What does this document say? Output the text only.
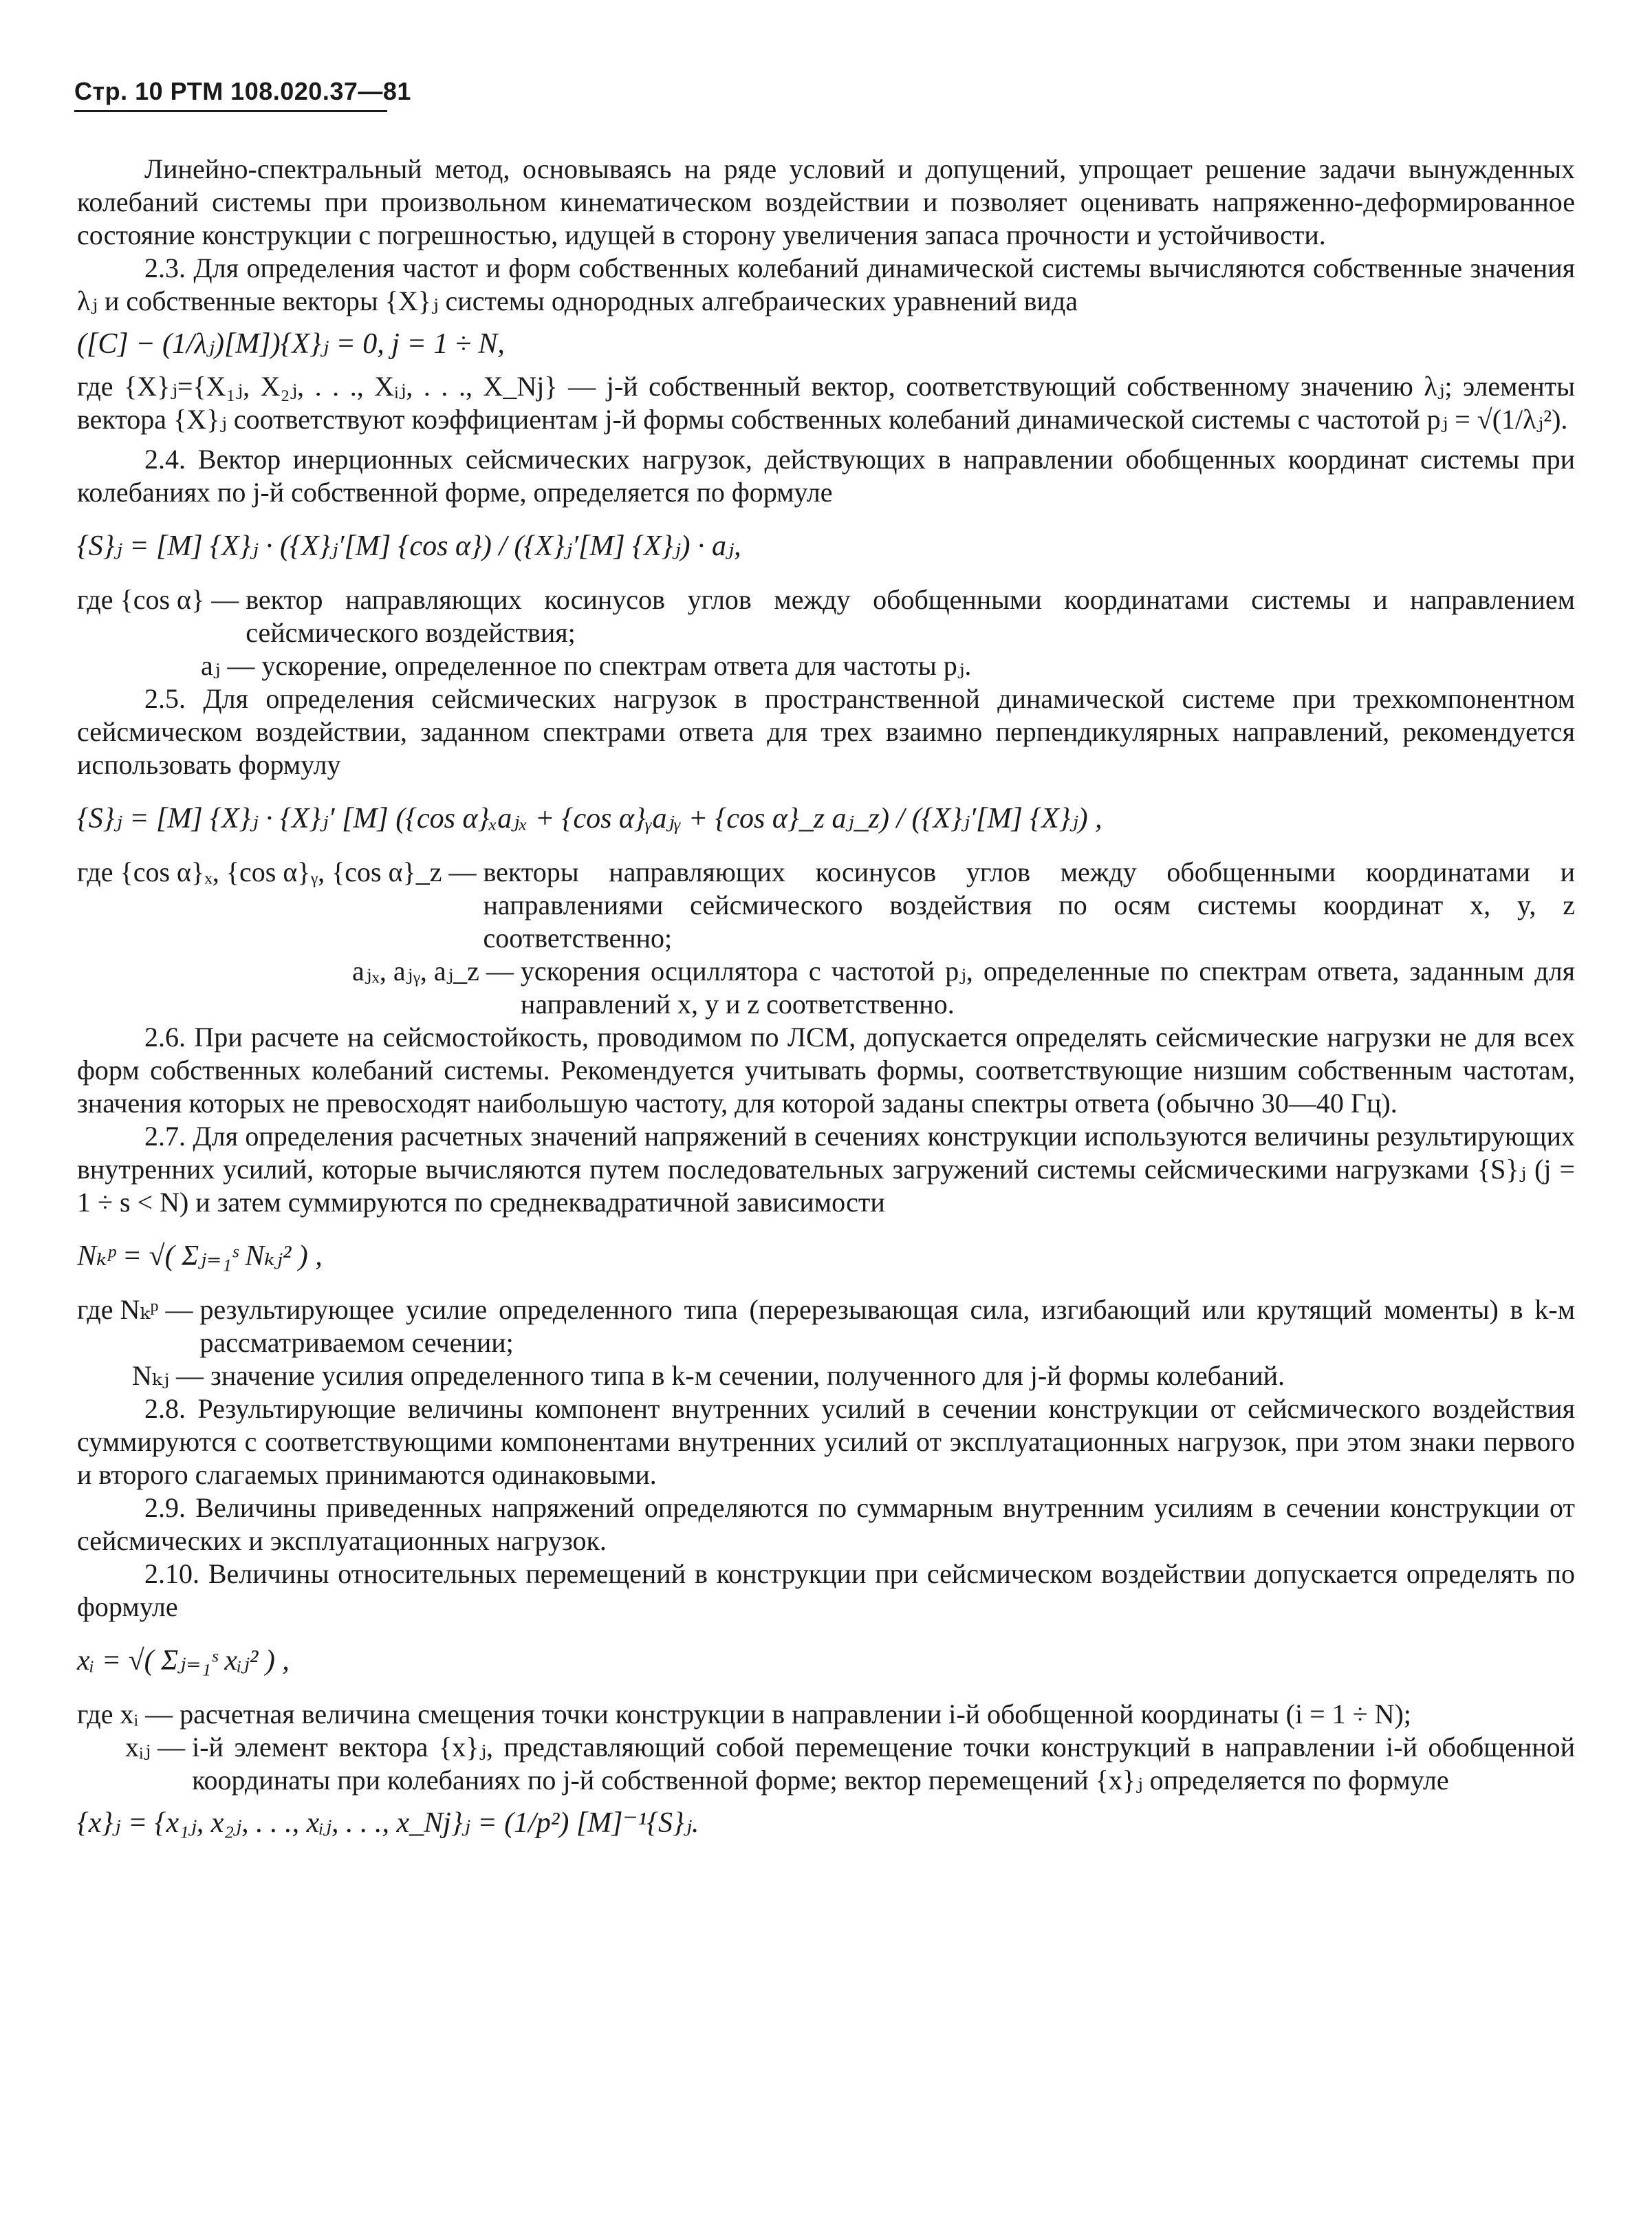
Стр. 10 РТМ 108.020.37—81

Линейно-спектральный метод, основываясь на ряде условий и допущений, упрощает решение задачи вынужденных колебаний системы при произвольном кинематическом воздействии и позволяет оценивать напряженно-деформированное состояние конструкции с погрешностью, идущей в сторону увеличения запаса прочности и устойчивости.

2.3. Для определения частот и форм собственных колебаний динамической системы вычисляются собственные значения λⱼ и собственные векторы {X}ⱼ системы однородных алгебраических уравнений вида

([C] − (1/λⱼ)[M]){X}ⱼ = 0, j = 1 ÷ N,

где {X}ⱼ={X₁ⱼ, X₂ⱼ, . . ., Xᵢⱼ, . . ., X_Nj} — j-й собственный вектор, соответствующий собственному значению λⱼ; элементы вектора {X}ⱼ соответствуют коэффициентам j-й формы собственных колебаний динамической системы с частотой pⱼ = √(1/λⱼ²).

2.4. Вектор инерционных сейсмических нагрузок, действующих в направлении обобщенных координат системы при колебаниях по j-й собственной форме, определяется по формуле

{S}ⱼ = [M] {X}ⱼ · ({X}ⱼ′[M] {cos α}) / ({X}ⱼ′[M] {X}ⱼ) · aⱼ,

где {cos α} — вектор направляющих косинусов углов между обобщенными координатами системы и направлением сейсмического воздействия;
aⱼ — ускорение, определенное по спектрам ответа для частоты pⱼ.

2.5. Для определения сейсмических нагрузок в пространственной динамической системе при трехкомпонентном сейсмическом воздействии, заданном спектрами ответа для трех взаимно перпендикулярных направлений, рекомендуется использовать формулу

{S}ⱼ = [M] {X}ⱼ · {X}ⱼ′ [M] ({cos α}ₓaⱼₓ + {cos α}ᵧaⱼᵧ + {cos α}_z aⱼ_z) / ({X}ⱼ′[M] {X}ⱼ) ,

где {cos α}ₓ, {cos α}ᵧ, {cos α}_z — векторы направляющих косинусов углов между обобщенными координатами и направлениями сейсмического воздействия по осям системы координат x, y, z соответственно;
aⱼₓ, aⱼᵧ, aⱼ_z — ускорения осциллятора с частотой pⱼ, определенные по спектрам ответа, заданным для направлений x, y и z соответственно.

2.6. При расчете на сейсмостойкость, проводимом по ЛСМ, допускается определять сейсмические нагрузки не для всех форм собственных колебаний системы. Рекомендуется учитывать формы, соответствующие низшим собственным частотам, значения которых не превосходят наибольшую частоту, для которой заданы спектры ответа (обычно 30—40 Гц).

2.7. Для определения расчетных значений напряжений в сечениях конструкции используются величины результирующих внутренних усилий, которые вычисляются путем последовательных загружений системы сейсмическими нагрузками {S}ⱼ (j = 1 ÷ s < N) и затем суммируются по среднеквадратичной зависимости

Nₖᵖ = √( Σⱼ₌₁ˢ Nₖⱼ² ) ,

где Nₖᵖ — результирующее усилие определенного типа (перерезывающая сила, изгибающий или крутящий моменты) в k-м рассматриваемом сечении;
Nₖⱼ — значение усилия определенного типа в k-м сечении, полученного для j-й формы колебаний.

2.8. Результирующие величины компонент внутренних усилий в сечении конструкции от сейсмического воздействия суммируются с соответствующими компонентами внутренних усилий от эксплуатационных нагрузок, при этом знаки первого и второго слагаемых принимаются одинаковыми.

2.9. Величины приведенных напряжений определяются по суммарным внутренним усилиям в сечении конструкции от сейсмических и эксплуатационных нагрузок.

2.10. Величины относительных перемещений в конструкции при сейсмическом воздействии допускается определять по формуле

xᵢ = √( Σⱼ₌₁ˢ xᵢⱼ² ) ,

где xᵢ — расчетная величина смещения точки конструкции в направлении i-й обобщенной координаты (i = 1 ÷ N);
xᵢⱼ — i-й элемент вектора {x}ⱼ, представляющий собой перемещение точки конструкций в направлении i-й обобщенной координаты при колебаниях по j-й собственной форме; вектор перемещений {x}ⱼ определяется по формуле

{x}ⱼ = {x₁ⱼ, x₂ⱼ, . . ., xᵢⱼ, . . ., x_Nj}ⱼ = (1/p²) [M]⁻¹{S}ⱼ.
